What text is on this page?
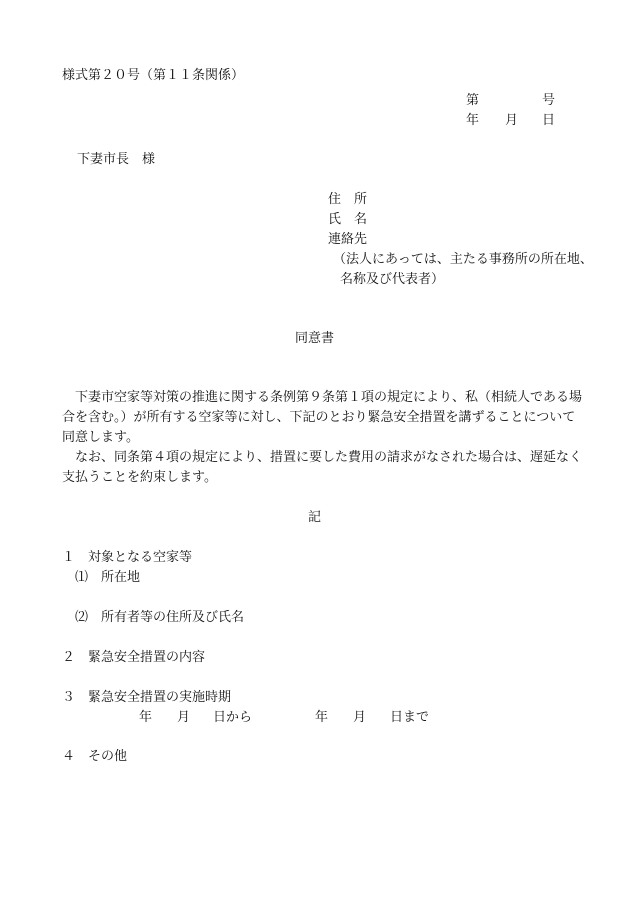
様式第２０号（第１１条関係）
第	号
年 月 日
下妻市長　様
住　所
氏　名
連絡先
（法人にあっては、主たる事務所の所在地、
名称及び代表者）
同意書
下妻市空家等対策の推進に関する条例第９条第１項の規定により、私（相続人である場合を含む。）が所有する空家等に対し、下記のとおり緊急安全措置を講ずることについて同意します。
なお、同条第４項の規定により、措置に要した費用の請求がなされた場合は、遅延なく支払うことを約束します。
記
１　対象となる空家等
⑴　所在地
⑵　所有者等の住所及び氏名
２　緊急安全措置の内容
３　緊急安全措置の実施時期
年 月 日から	年 月 日まで
４　その他
